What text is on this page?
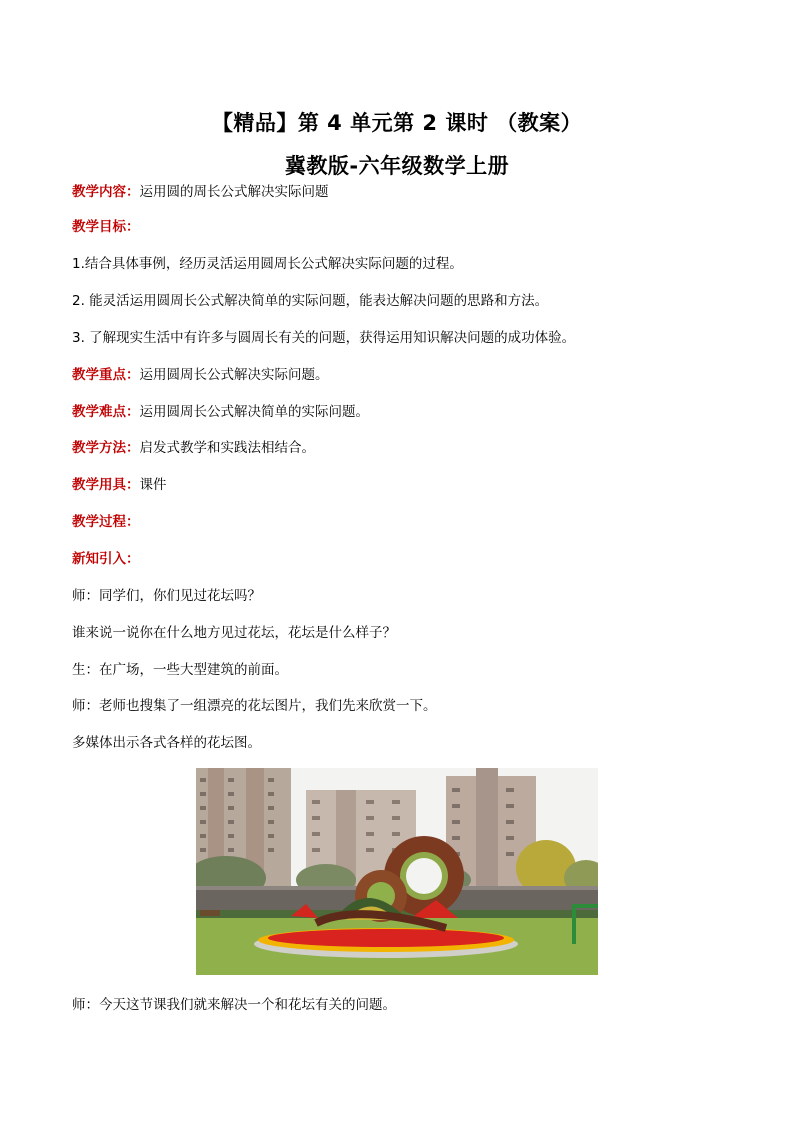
【精品】第 4 单元第 2 课时 （教案）
冀教版-六年级数学上册
教学内容：运用圆的周长公式解决实际问题
教学目标：
1.结合具体事例，经历灵活运用圆周长公式解决实际问题的过程。
2. 能灵活运用圆周长公式解决简单的实际问题，能表达解决问题的思路和方法。
3. 了解现实生活中有许多与圆周长有关的问题，获得运用知识解决问题的成功体验。
教学重点：运用圆周长公式解决实际问题。
教学难点：运用圆周长公式解决简单的实际问题。
教学方法：启发式教学和实践法相结合。
教学用具：课件
教学过程：
新知引入：
师：同学们，你们见过花坛吗？
谁来说一说你在什么地方见过花坛，花坛是什么样子？
生：在广场，一些大型建筑的前面。
师：老师也搜集了一组漂亮的花坛图片，我们先来欣赏一下。
多媒体出示各式各样的花坛图。
师：今天这节课我们就来解决一个和花坛有关的问题。
